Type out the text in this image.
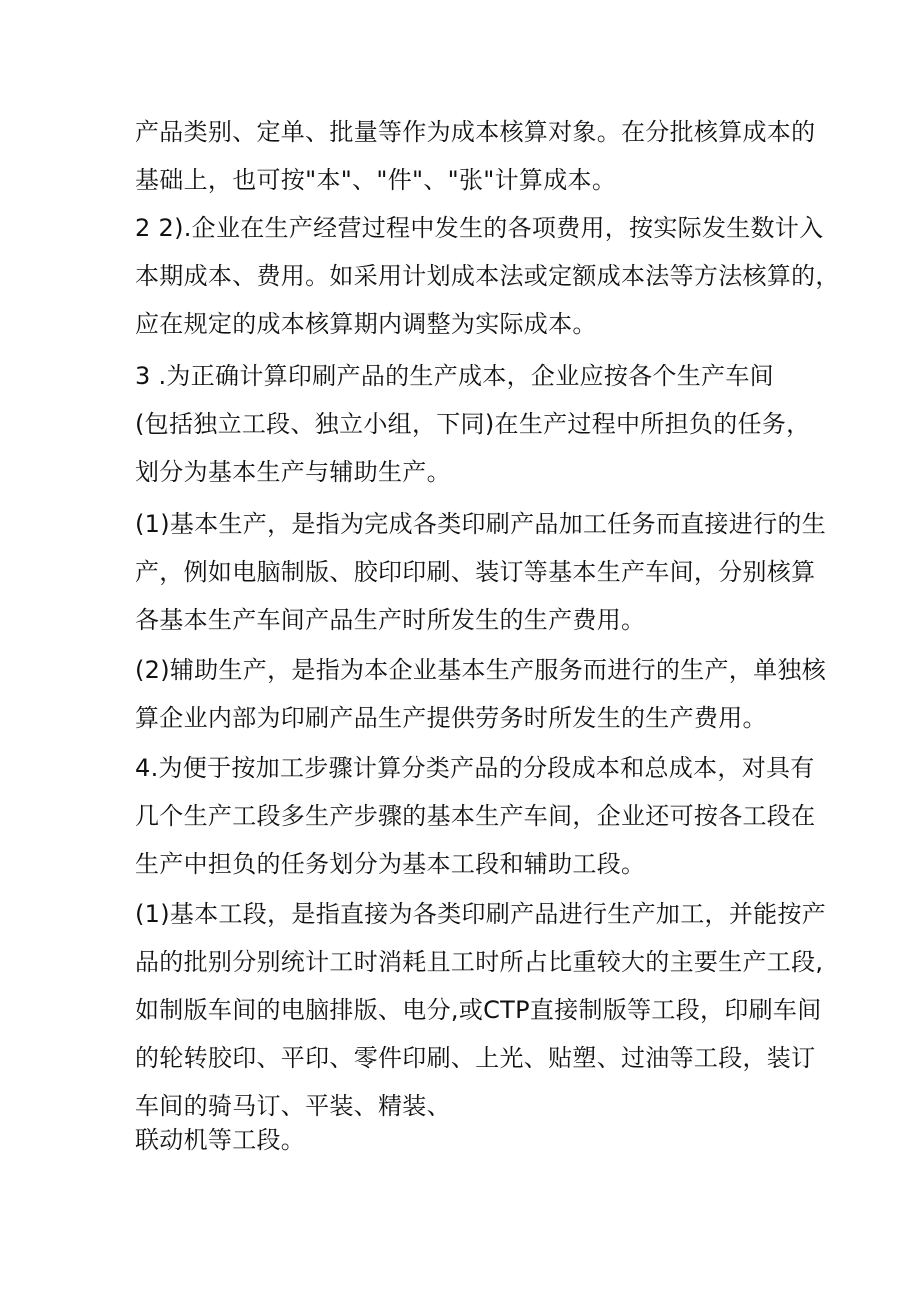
产品类别、定单、批量等作为成本核算对象。在分批核算成本的
基础上，也可按"本"、"件"、"张"计算成本。
2 2).企业在生产经营过程中发生的各项费用，按实际发生数计入
本期成本、费用。如采用计划成本法或定额成本法等方法核算的，
应在规定的成本核算期内调整为实际成本。
3 .为正确计算印刷产品的生产成本，企业应按各个生产车间
(包括独立工段、独立小组，下同)在生产过程中所担负的任务，
划分为基本生产与辅助生产。
(1)基本生产，是指为完成各类印刷产品加工任务而直接进行的生
产，例如电脑制版、胶印印刷、装订等基本生产车间，分别核算
各基本生产车间产品生产时所发生的生产费用。
(2)辅助生产，是指为本企业基本生产服务而进行的生产，单独核
算企业内部为印刷产品生产提供劳务时所发生的生产费用。
4.为便于按加工步骤计算分类产品的分段成本和总成本，对具有
几个生产工段多生产步骤的基本生产车间，企业还可按各工段在
生产中担负的任务划分为基本工段和辅助工段。
(1)基本工段，是指直接为各类印刷产品进行生产加工，并能按产
品的批别分别统计工时消耗且工时所占比重较大的主要生产工段,
如制版车间的电脑排版、电分,或CTP直接制版等工段，印刷车间
的轮转胶印、平印、零件印刷、上光、贴塑、过油等工段，装订
车间的骑马订、平装、精装、
联动机等工段。
